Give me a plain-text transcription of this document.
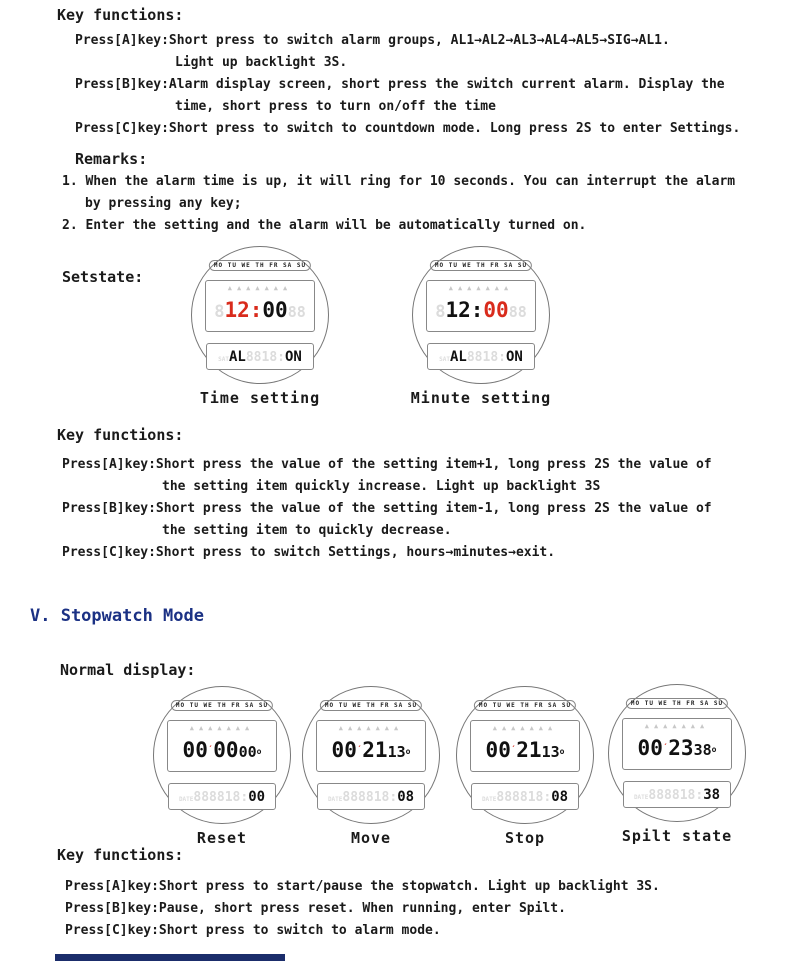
Key functions:
Press[A]key:Short press to switch alarm groups, AL1→AL2→AL3→AL4→AL5→SIG→AL1.
Light up backlight 3S.
Press[B]key:Alarm display screen, short press the switch current alarm. Display the
time, short press to turn on/off the time
Press[C]key:Short press to switch to countdown mode. Long press 2S to enter Settings.
Remarks:
1. When the alarm time is up, it will ring for 10 seconds. You can interrupt the alarm
by pressing any key;
2. Enter the setting and the alarm will be automatically turned on.
Setstate:
MO TU WE TH FR SA SU
▲▲▲▲▲▲▲
812:0088
SATAL8818:ON
Time setting
MO TU WE TH FR SA SU
▲▲▲▲▲▲▲
812:0088
SATAL8818:ON
Minute setting
Key functions:
Press[A]key:Short press the value of the setting item+1, long press 2S the value of
the setting item quickly increase. Light up backlight 3S
Press[B]key:Short press the value of the setting item-1, long press 2S the value of
the setting item to quickly decrease.
Press[C]key:Short press to switch Settings, hours→minutes→exit.
V. Stopwatch Mode
Normal display:
MO TU WE TH FR SA SU
▲▲▲▲▲▲▲
00′0000o
DATE888818:00
Reset
MO TU WE TH FR SA SU
▲▲▲▲▲▲▲
00′2113o
DATE888818:08
Move
MO TU WE TH FR SA SU
▲▲▲▲▲▲▲
00′2113o
DATE888818:08
Stop
MO TU WE TH FR SA SU
▲▲▲▲▲▲▲
00′2338o
DATE888818:38
Spilt state
Key functions:
Press[A]key:Short press to start/pause the stopwatch. Light up backlight 3S.
Press[B]key:Pause, short press reset. When running, enter Spilt.
Press[C]key:Short press to switch to alarm mode.
